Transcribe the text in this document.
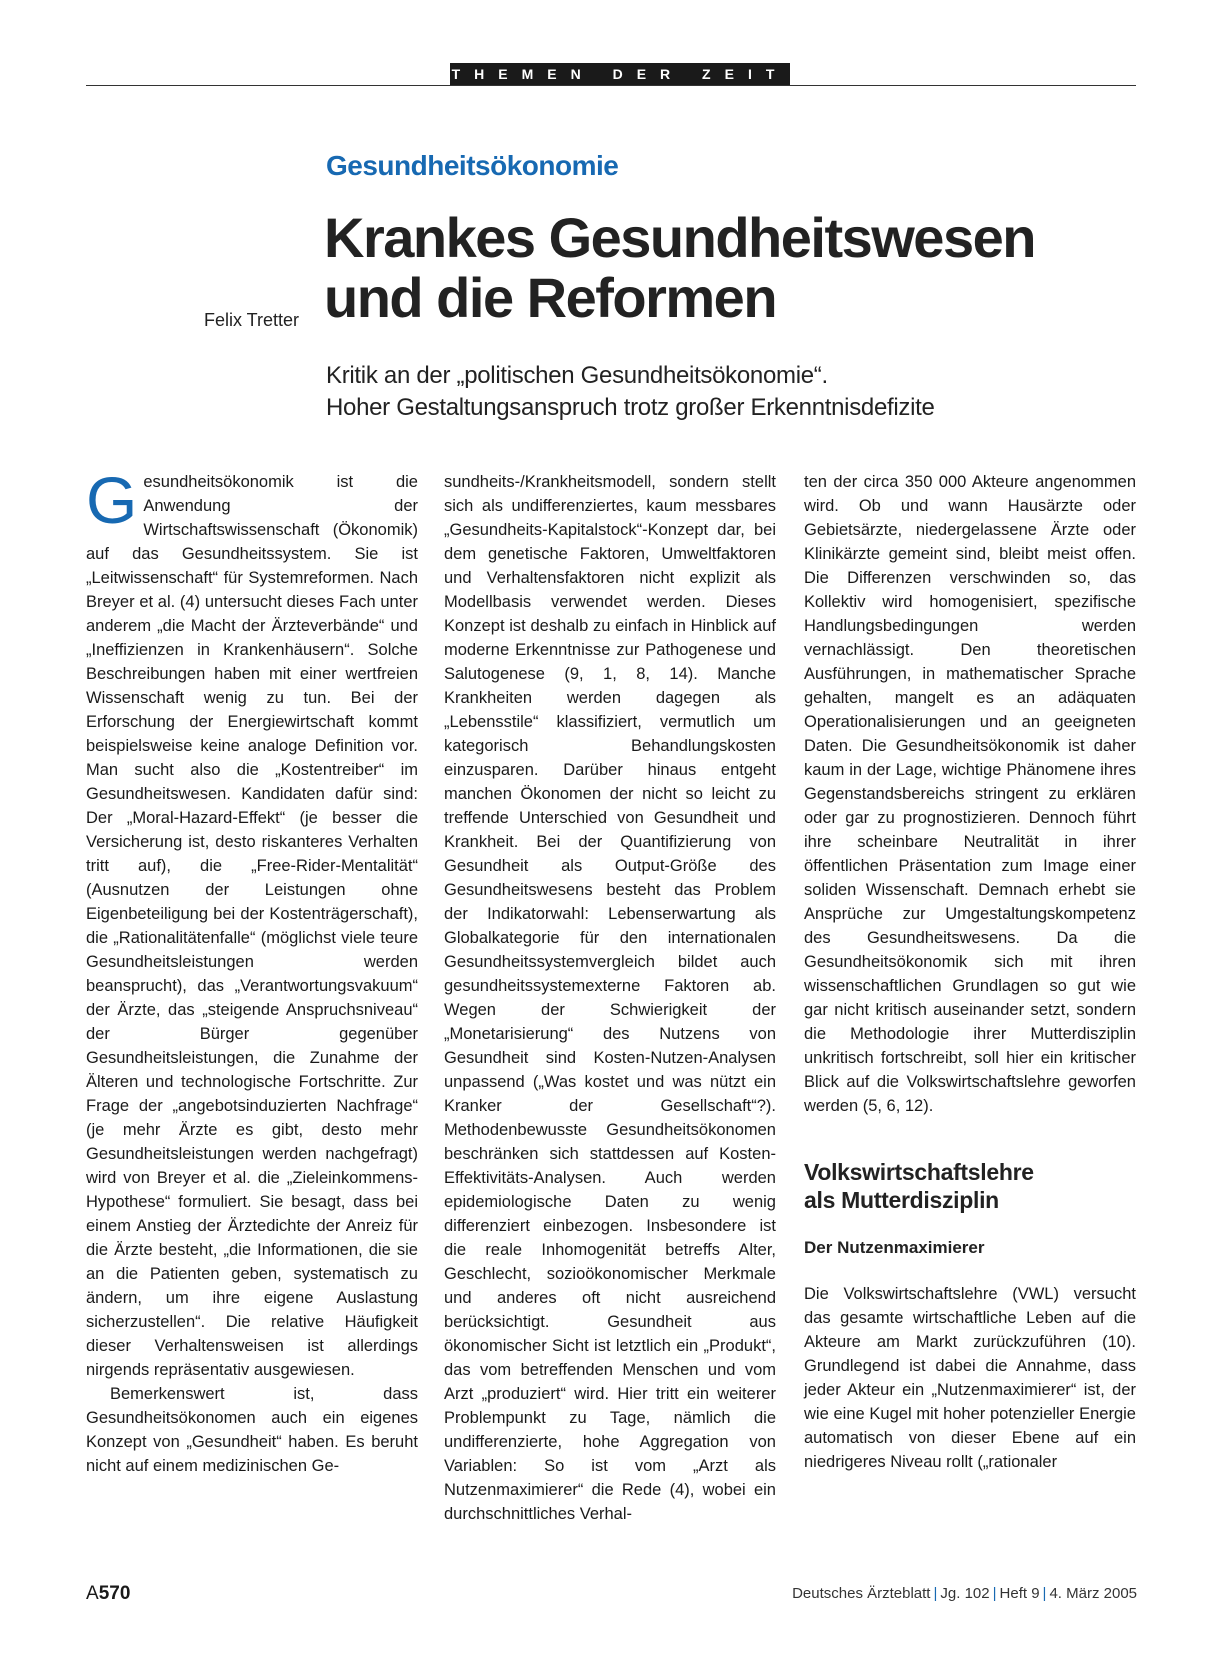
THEMEN DER ZEIT
Gesundheitsökonomie
Krankes Gesundheitswesen
und die Reformen
Felix Tretter
Kritik an der „politischen Gesundheitsökonomie“.
Hoher Gestaltungsanspruch trotz großer Erkenntnisdefizite

Gesundheitsökonomik ist die Anwendung der Wirtschaftswissenschaft (Ökonomik) auf das Gesundheitssystem. Sie ist „Leitwissenschaft“ für Systemreformen. Nach Breyer et al. (4) untersucht dieses Fach unter anderem „die Macht der Ärzteverbände“ und „Ineffizienzen in Krankenhäusern“. Solche Beschreibungen haben mit einer wertfreien Wissenschaft wenig zu tun. Bei der Erforschung der Energiewirtschaft kommt beispielsweise keine analoge Definition vor. Man sucht also die „Kostentreiber“ im Gesundheitswesen. Kandidaten dafür sind: Der „Moral-Hazard-Effekt“ (je besser die Versicherung ist, desto riskanteres Verhalten tritt auf), die „Free-Rider-Mentalität“ (Ausnutzen der Leistungen ohne Eigenbeteiligung bei der Kostenträgerschaft), die „Rationalitätenfalle“ (möglichst viele teure Gesundheitsleistungen werden beansprucht), das „Verantwortungsvakuum“ der Ärzte, das „steigende Anspruchsniveau“ der Bürger gegenüber Gesundheitsleistungen, die Zunahme der Älteren und technologische Fortschritte. Zur Frage der „angebotsinduzierten Nachfrage“ (je mehr Ärzte es gibt, desto mehr Gesundheitsleistungen werden nachgefragt) wird von Breyer et al. die „Zieleinkommens-Hypothese“ formuliert. Sie besagt, dass bei einem Anstieg der Ärztedichte der Anreiz für die Ärzte besteht, „die Informationen, die sie an die Patienten geben, systematisch zu ändern, um ihre eigene Auslastung sicherzustellen“. Die relative Häufigkeit dieser Verhaltensweisen ist allerdings nirgends repräsentativ ausgewiesen.

Bemerkenswert ist, dass Gesundheitsökonomen auch ein eigenes Konzept von „Gesundheit“ haben. Es beruht nicht auf einem medizinischen Ge-

sundheits-/Krankheitsmodell, sondern stellt sich als undifferenziertes, kaum messbares „Gesundheits-Kapitalstock“-Konzept dar, bei dem genetische Faktoren, Umweltfaktoren und Verhaltensfaktoren nicht explizit als Modellbasis verwendet werden. Dieses Konzept ist deshalb zu einfach in Hinblick auf moderne Erkenntnisse zur Pathogenese und Salutogenese (9, 1, 8, 14). Manche Krankheiten werden dagegen als „Lebensstile“ klassifiziert, vermutlich um kategorisch Behandlungskosten einzusparen. Darüber hinaus entgeht manchen Ökonomen der nicht so leicht zu treffende Unterschied von Gesundheit und Krankheit. Bei der Quantifizierung von Gesundheit als Output-Größe des Gesundheitswesens besteht das Problem der Indikatorwahl: Lebenserwartung als Globalkategorie für den internationalen Gesundheitssystemvergleich bildet auch gesundheitssystemexterne Faktoren ab. Wegen der Schwierigkeit der „Monetarisierung“ des Nutzens von Gesundheit sind Kosten-Nutzen-Analysen unpassend („Was kostet und was nützt ein Kranker der Gesellschaft“?). Methodenbewusste Gesundheitsökonomen beschränken sich stattdessen auf Kosten-Effektivitäts-Analysen. Auch werden epidemiologische Daten zu wenig differenziert einbezogen. Insbesondere ist die reale Inhomogenität betreffs Alter, Geschlecht, sozioökonomischer Merkmale und anderes oft nicht ausreichend berücksichtigt. Gesundheit aus ökonomischer Sicht ist letztlich ein „Produkt“, das vom betreffenden Menschen und vom Arzt „produziert“ wird. Hier tritt ein weiterer Problempunkt zu Tage, nämlich die undifferenzierte, hohe Aggregation von Variablen: So ist vom „Arzt als Nutzenmaximierer“ die Rede (4), wobei ein durchschnittliches Verhal-

ten der circa 350 000 Akteure angenommen wird. Ob und wann Hausärzte oder Gebietsärzte, niedergelassene Ärzte oder Klinikärzte gemeint sind, bleibt meist offen. Die Differenzen verschwinden so, das Kollektiv wird homogenisiert, spezifische Handlungsbedingungen werden vernachlässigt. Den theoretischen Ausführungen, in mathematischer Sprache gehalten, mangelt es an adäquaten Operationalisierungen und an geeigneten Daten. Die Gesundheitsökonomik ist daher kaum in der Lage, wichtige Phänomene ihres Gegenstandsbereichs stringent zu erklären oder gar zu prognostizieren. Dennoch führt ihre scheinbare Neutralität in ihrer öffentlichen Präsentation zum Image einer soliden Wissenschaft. Demnach erhebt sie Ansprüche zur Umgestaltungskompetenz des Gesundheitswesens. Da die Gesundheitsökonomik sich mit ihren wissenschaftlichen Grundlagen so gut wie gar nicht kritisch auseinander setzt, sondern die Methodologie ihrer Mutterdisziplin unkritisch fortschreibt, soll hier ein kritischer Blick auf die Volkswirtschaftslehre geworfen werden (5, 6, 12).

Volkswirtschaftslehre
als Mutterdisziplin
Der Nutzenmaximierer

Die Volkswirtschaftslehre (VWL) versucht das gesamte wirtschaftliche Leben auf die Akteure am Markt zurückzuführen (10). Grundlegend ist dabei die Annahme, dass jeder Akteur ein „Nutzenmaximierer“ ist, der wie eine Kugel mit hoher potenzieller Energie automatisch von dieser Ebene auf ein niedrigeres Niveau rollt („rationaler

A570	Deutsches Ärzteblatt | Jg. 102 | Heft 9 | 4. März 2005
